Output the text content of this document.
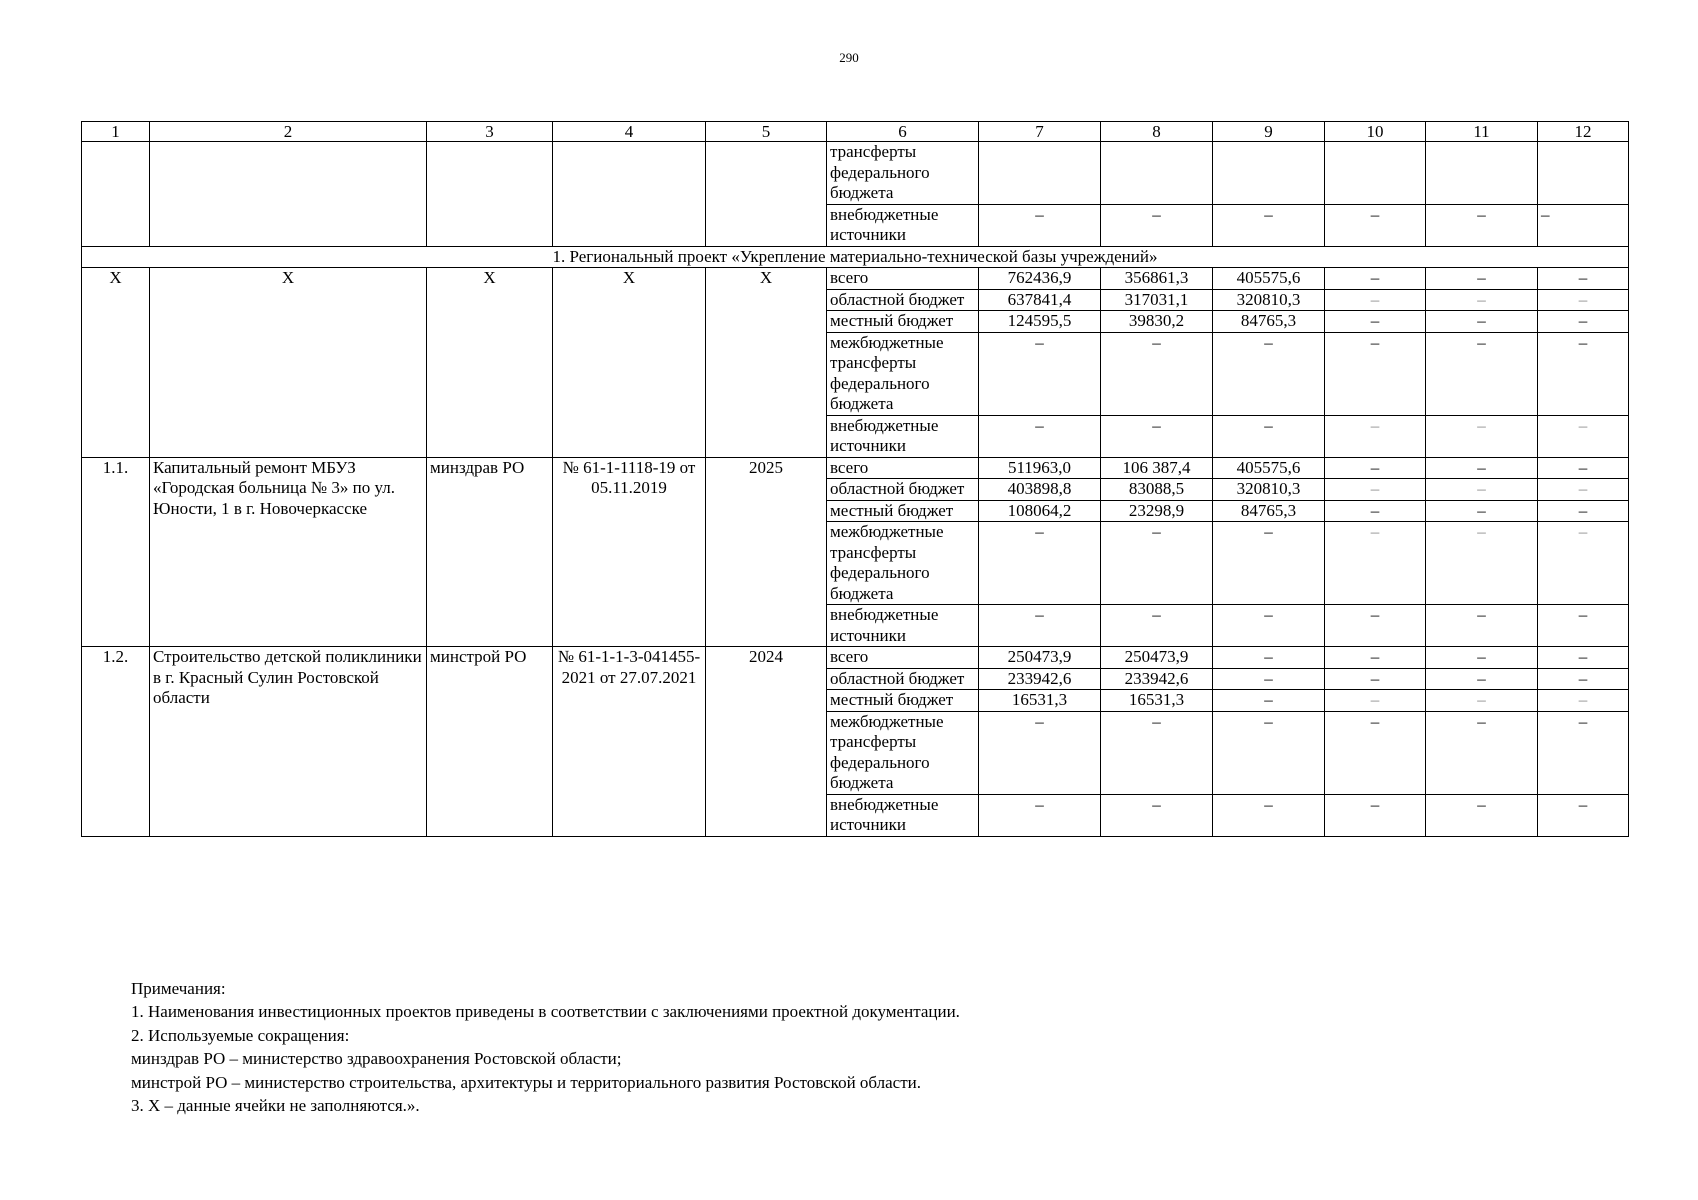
290
1	2	3	4	5	6	7	8	9	10	11	12
					трансферты федерального бюджета						
					внебюджетные источники	–	–	–	–	–	–
1. Региональный проект «Укрепление материально-технической базы учреждений»											
Х	Х	Х	Х	Х	всего	762436,9	356861,3	405575,6	–	–	–
					областной бюджет	637841,4	317031,1	320810,3	–	–	–
					местный бюджет	124595,5	39830,2	84765,3	–	–	–
					межбюджетные трансферты федерального бюджета	–	–	–	–	–	–
					внебюджетные источники	–	–	–	–	–	–
1.1.	Капитальный ремонт МБУЗ «Городская больница № 3» по ул. Юности, 1 в г. Новочеркасске	минздрав РО	№ 61-1-1118-19 от 05.11.2019	2025	всего	511963,0	106 387,4	405575,6	–	–	–
					областной бюджет	403898,8	83088,5	320810,3	–	–	–
					местный бюджет	108064,2	23298,9	84765,3	–	–	–
					межбюджетные трансферты федерального бюджета	–	–	–	–	–	–
					внебюджетные источники	–	–	–	–	–	–
1.2.	Строительство детской поликлиники в г. Красный Сулин Ростовской области	минстрой РО	№ 61-1-1-3-041455-2021 от 27.07.2021	2024	всего	250473,9	250473,9	–	–	–	–
					областной бюджет	233942,6	233942,6	–	–	–	–
					местный бюджет	16531,3	16531,3	–	–	–	–
					межбюджетные трансферты федерального бюджета	–	–	–	–	–	–
					внебюджетные источники	–	–	–	–	–	–
Примечания:
1. Наименования инвестиционных проектов приведены в соответствии с заключениями проектной документации.
2. Используемые сокращения:
минздрав РО – министерство здравоохранения Ростовской области;
минстрой РО – министерство строительства, архитектуры и территориального развития Ростовской области.
3. Х – данные ячейки не заполняются.».
